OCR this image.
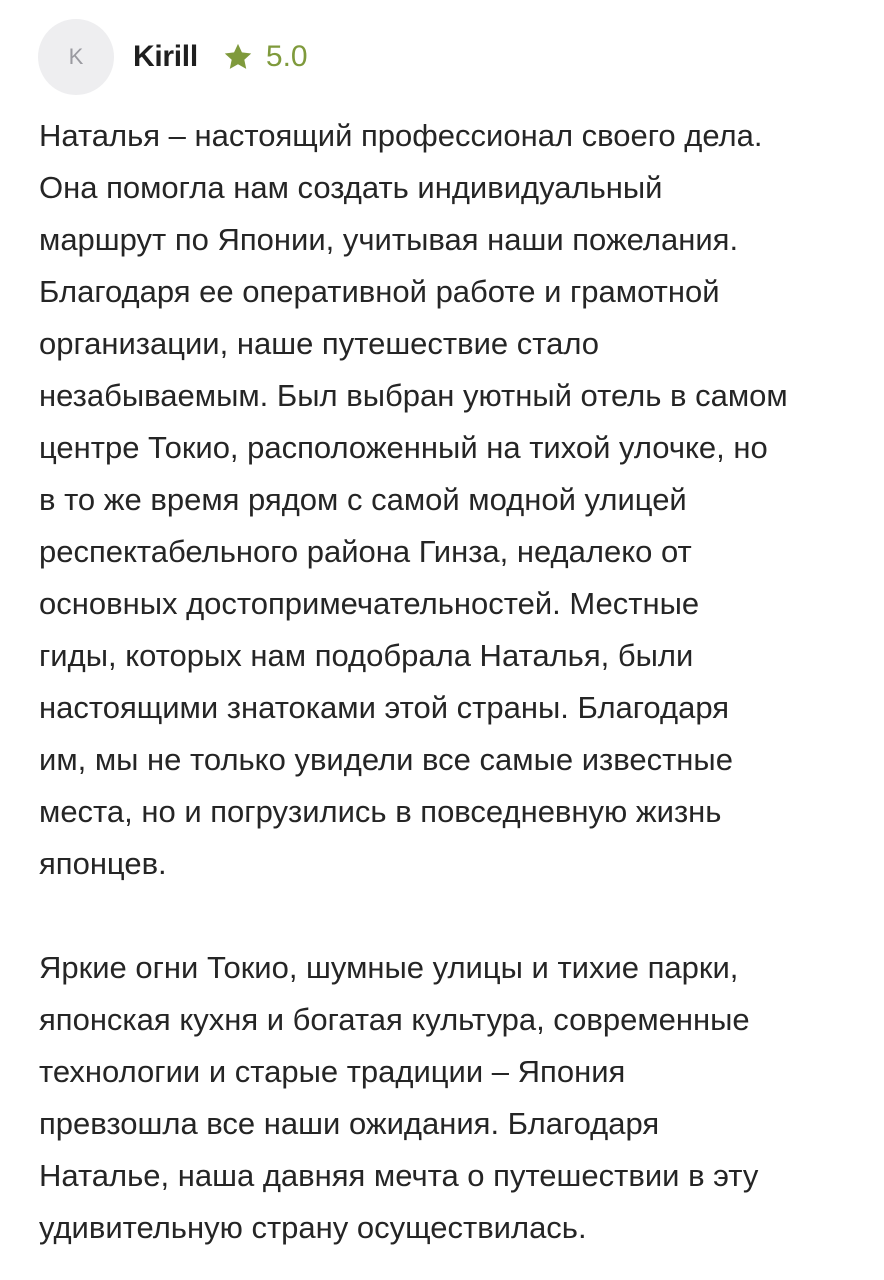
K	Kirill 5.0

Наталья – настоящий профессионал своего дела.
Она помогла нам создать индивидуальный
маршрут по Японии, учитывая наши пожелания.
Благодаря ее оперативной работе и грамотной
организации, наше путешествие стало
незабываемым. Был выбран уютный отель в самом
центре Токио, расположенный на тихой улочке, но
в то же время рядом с самой модной улицей
респектабельного района Гинза, недалеко от
основных достопримечательностей. Местные
гиды, которых нам подобрала Наталья, были
настоящими знатоками этой страны. Благодаря
им, мы не только увидели все самые известные
места, но и погрузились в повседневную жизнь
японцев.

Яркие огни Токио, шумные улицы и тихие парки,
японская кухня и богатая культура, современные
технологии и старые традиции – Япония
превзошла все наши ожидания. Благодаря
Наталье, наша давняя мечта о путешествии в эту
удивительную страну осуществилась.
